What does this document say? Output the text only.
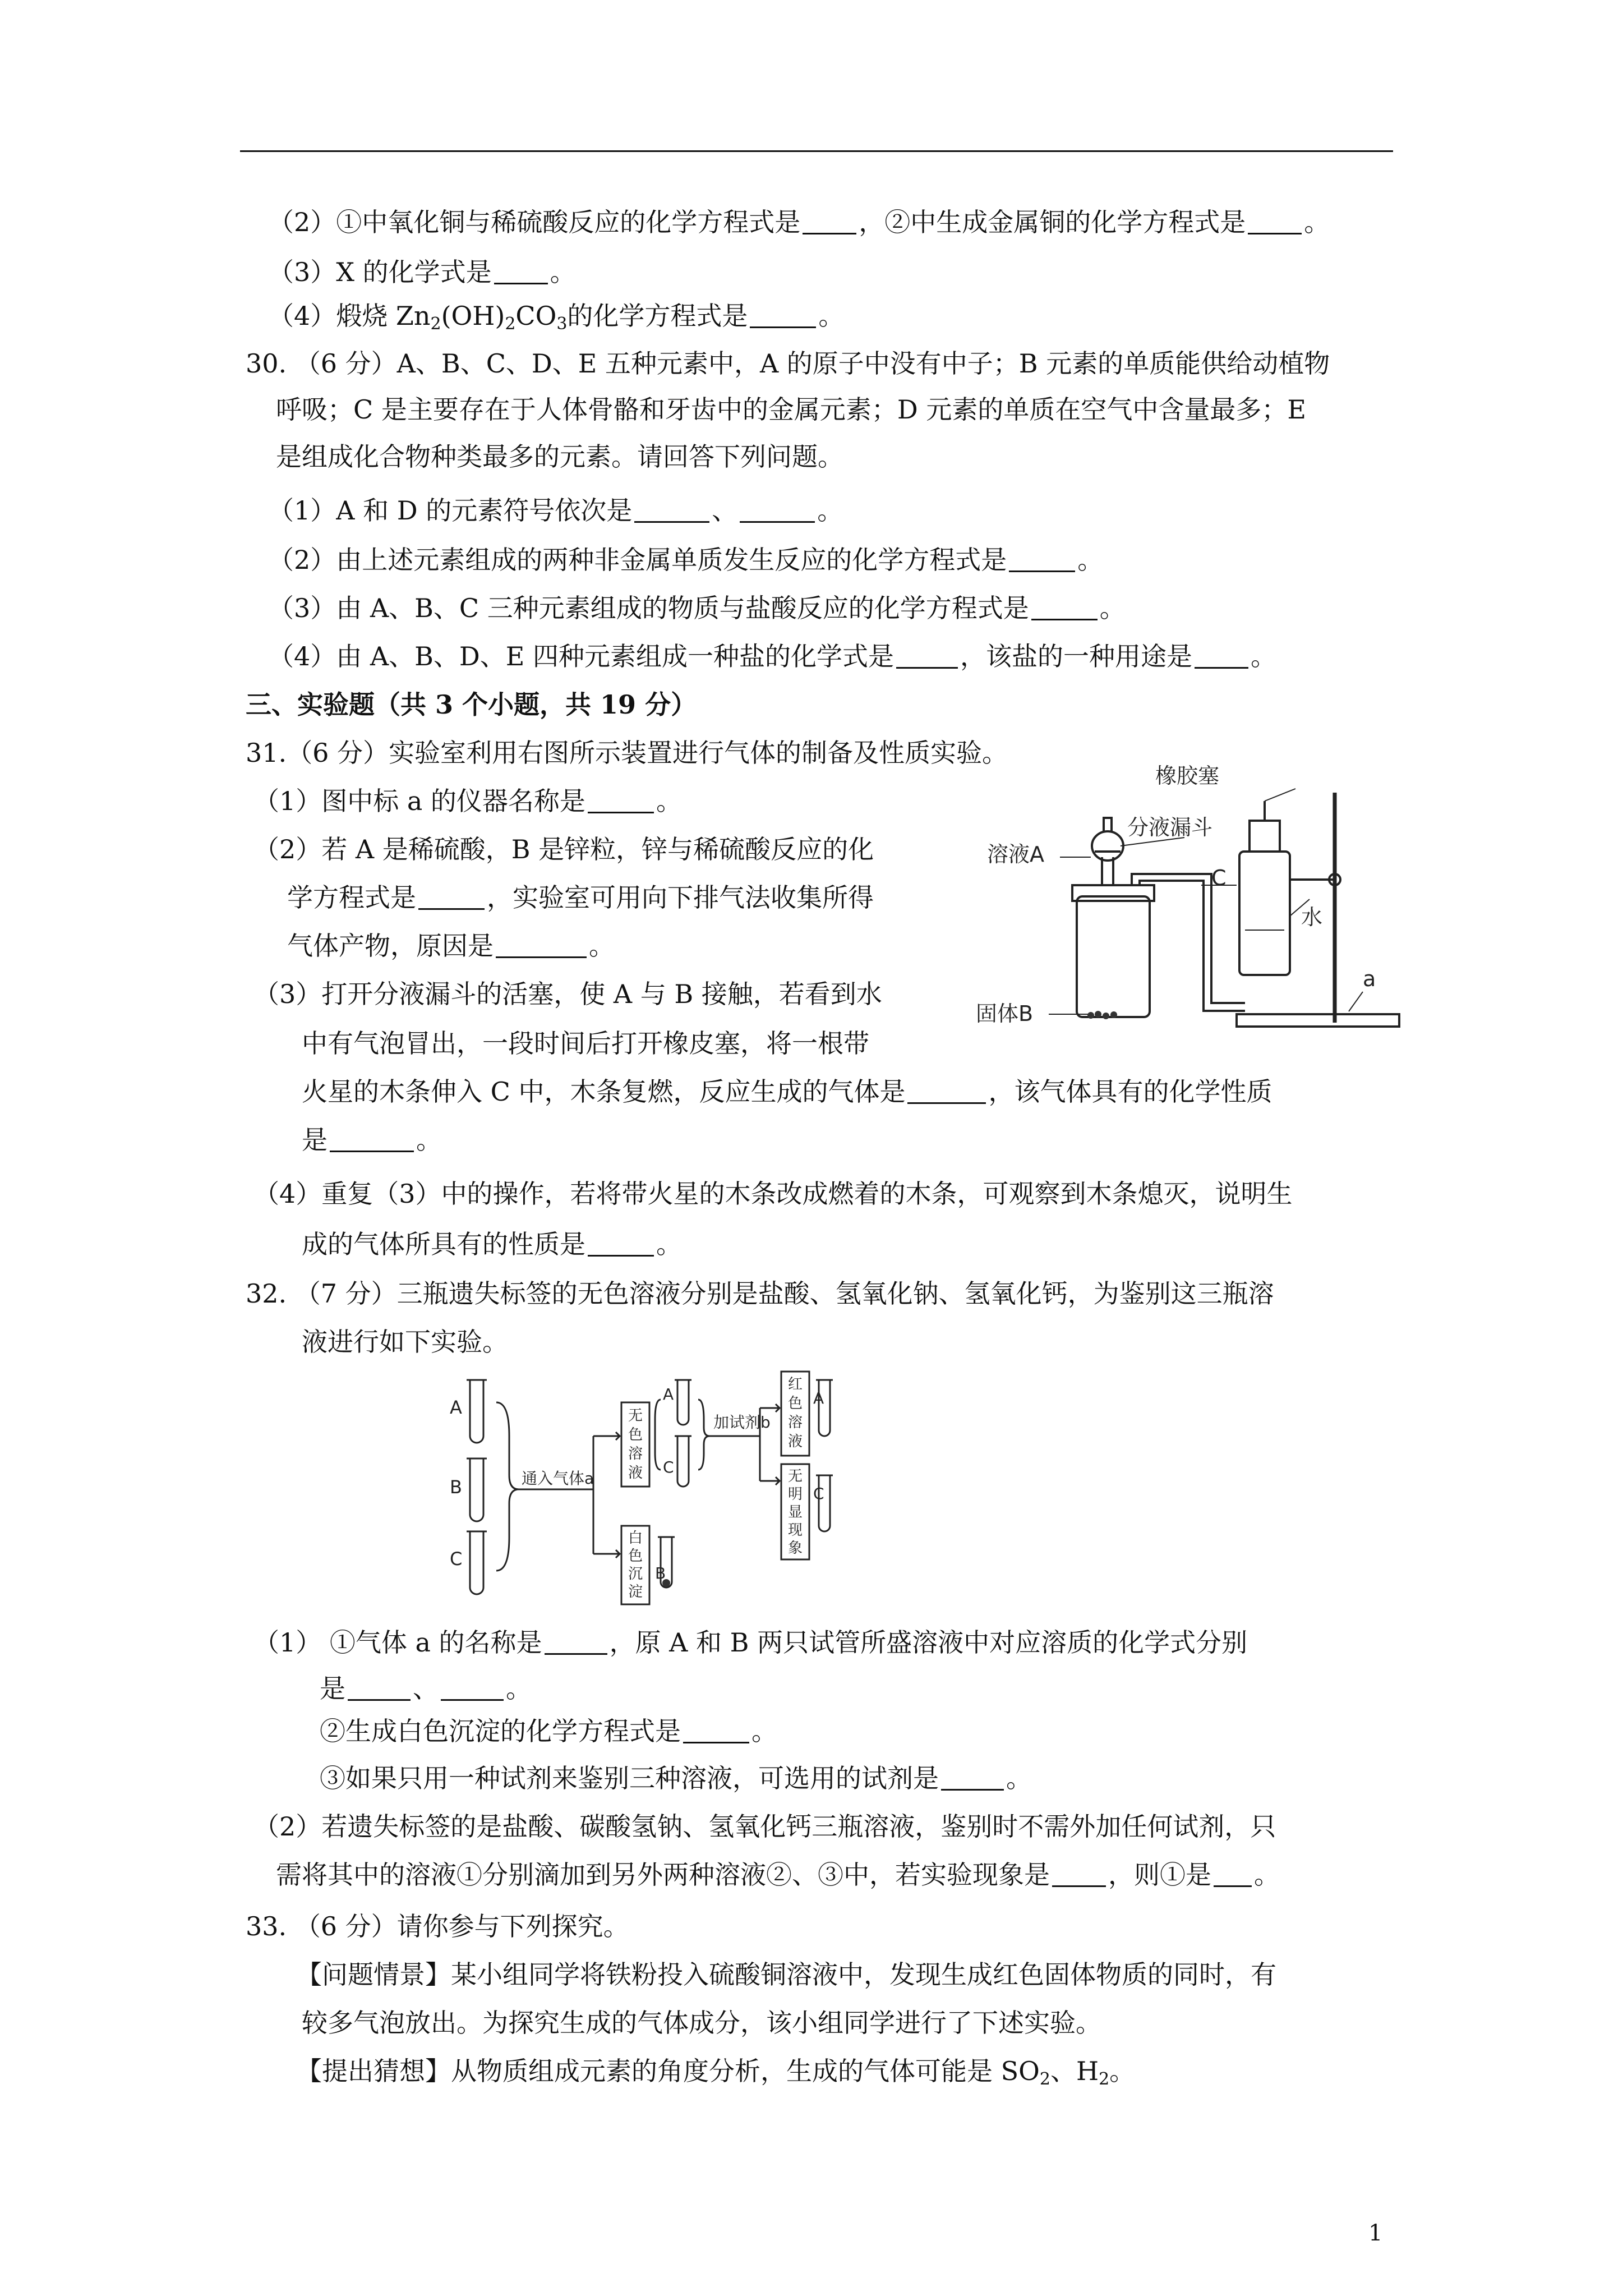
（2）①中氧化铜与稀硫酸反应的化学方程式是 ，②中生成金属铜的化学方程式是 。
（3）X 的化学式是 。
（4）煅烧 $Zn_2(OH)_2CO_3$的化学方程式是	。
30. （6 分）A、B、C、D、E 五种元素中，A 的原子中没有中子；B 元素的单质能供给动植物
呼吸；C 是主要存在于人体骨骼和牙齿中的金属元素；D 元素的单质在空气中含量最多；E
是组成化合物种类最多的元素。请回答下列问题。
（1）A 和 D 的元素符号依次是	、	。
（2）由上述元素组成的两种非金属单质发生反应的化学方程式是	。
（3）由 A、B、C 三种元素组成的物质与盐酸反应的化学方程式是	。
（4）由 A、B、D、E 四种元素组成一种盐的化学式是	，该盐的一种用途是 。
三、实验题（共 3 个小题，共 19 分）
31.（6 分）实验室利用右图所示装置进行气体的制备及性质实验。
（1）图中标 a 的仪器名称是	。
（2）若 A 是稀硫酸，B 是锌粒，锌与稀硫酸反应的化
学方程式是	，实验室可用向下排气法收集所得
气体产物，原因是	。
（3）打开分液漏斗的活塞，使 A 与 B 接触，若看到水
中有气泡冒出，一段时间后打开橡皮塞，将一根带
火星的木条伸入 C 中，木条复燃，反应生成的气体是	，该气体具有的化学性质
是	。
（4）重复（3）中的操作，若将带火星的木条改成燃着的木条，可观察到木条熄灭，说明生
成的气体所具有的性质是	。
橡胶塞
溶液A
分液漏斗
C
水
固体B
a
32. （7 分）三瓶遗失标签的无色溶液分别是盐酸、氢氧化钠、氢氧化钙，为鉴别这三瓶溶
液进行如下实验。
A
B
C
通入气体a
无
色
溶
液
A
C
白
色
沉
淀
B
加试剂b
红
色
溶
液
A
无
明
显
现
象
C
（1） ①气体 a 的名称是	，原 A 和 B 两只试管所盛溶液中对应溶质的化学式分别
是	、	。
②生成白色沉淀的化学方程式是	。
③如果只用一种试剂来鉴别三种溶液，可选用的试剂是	。
（2）若遗失标签的是盐酸、碳酸氢钠、氢氧化钙三瓶溶液，鉴别时不需外加任何试剂，只
需将其中的溶液①分别滴加到另外两种溶液②、③中，若实验现象是 ，则①是 。
33. （6 分）请你参与下列探究。
【问题情景】某小组同学将铁粉投入硫酸铜溶液中，发现生成红色固体物质的同时，有
较多气泡放出。为探究生成的气体成分，该小组同学进行了下述实验。
【提出猜想】从物质组成元素的角度分析，生成的气体可能是 $SO_2$、$H_2$。
1
